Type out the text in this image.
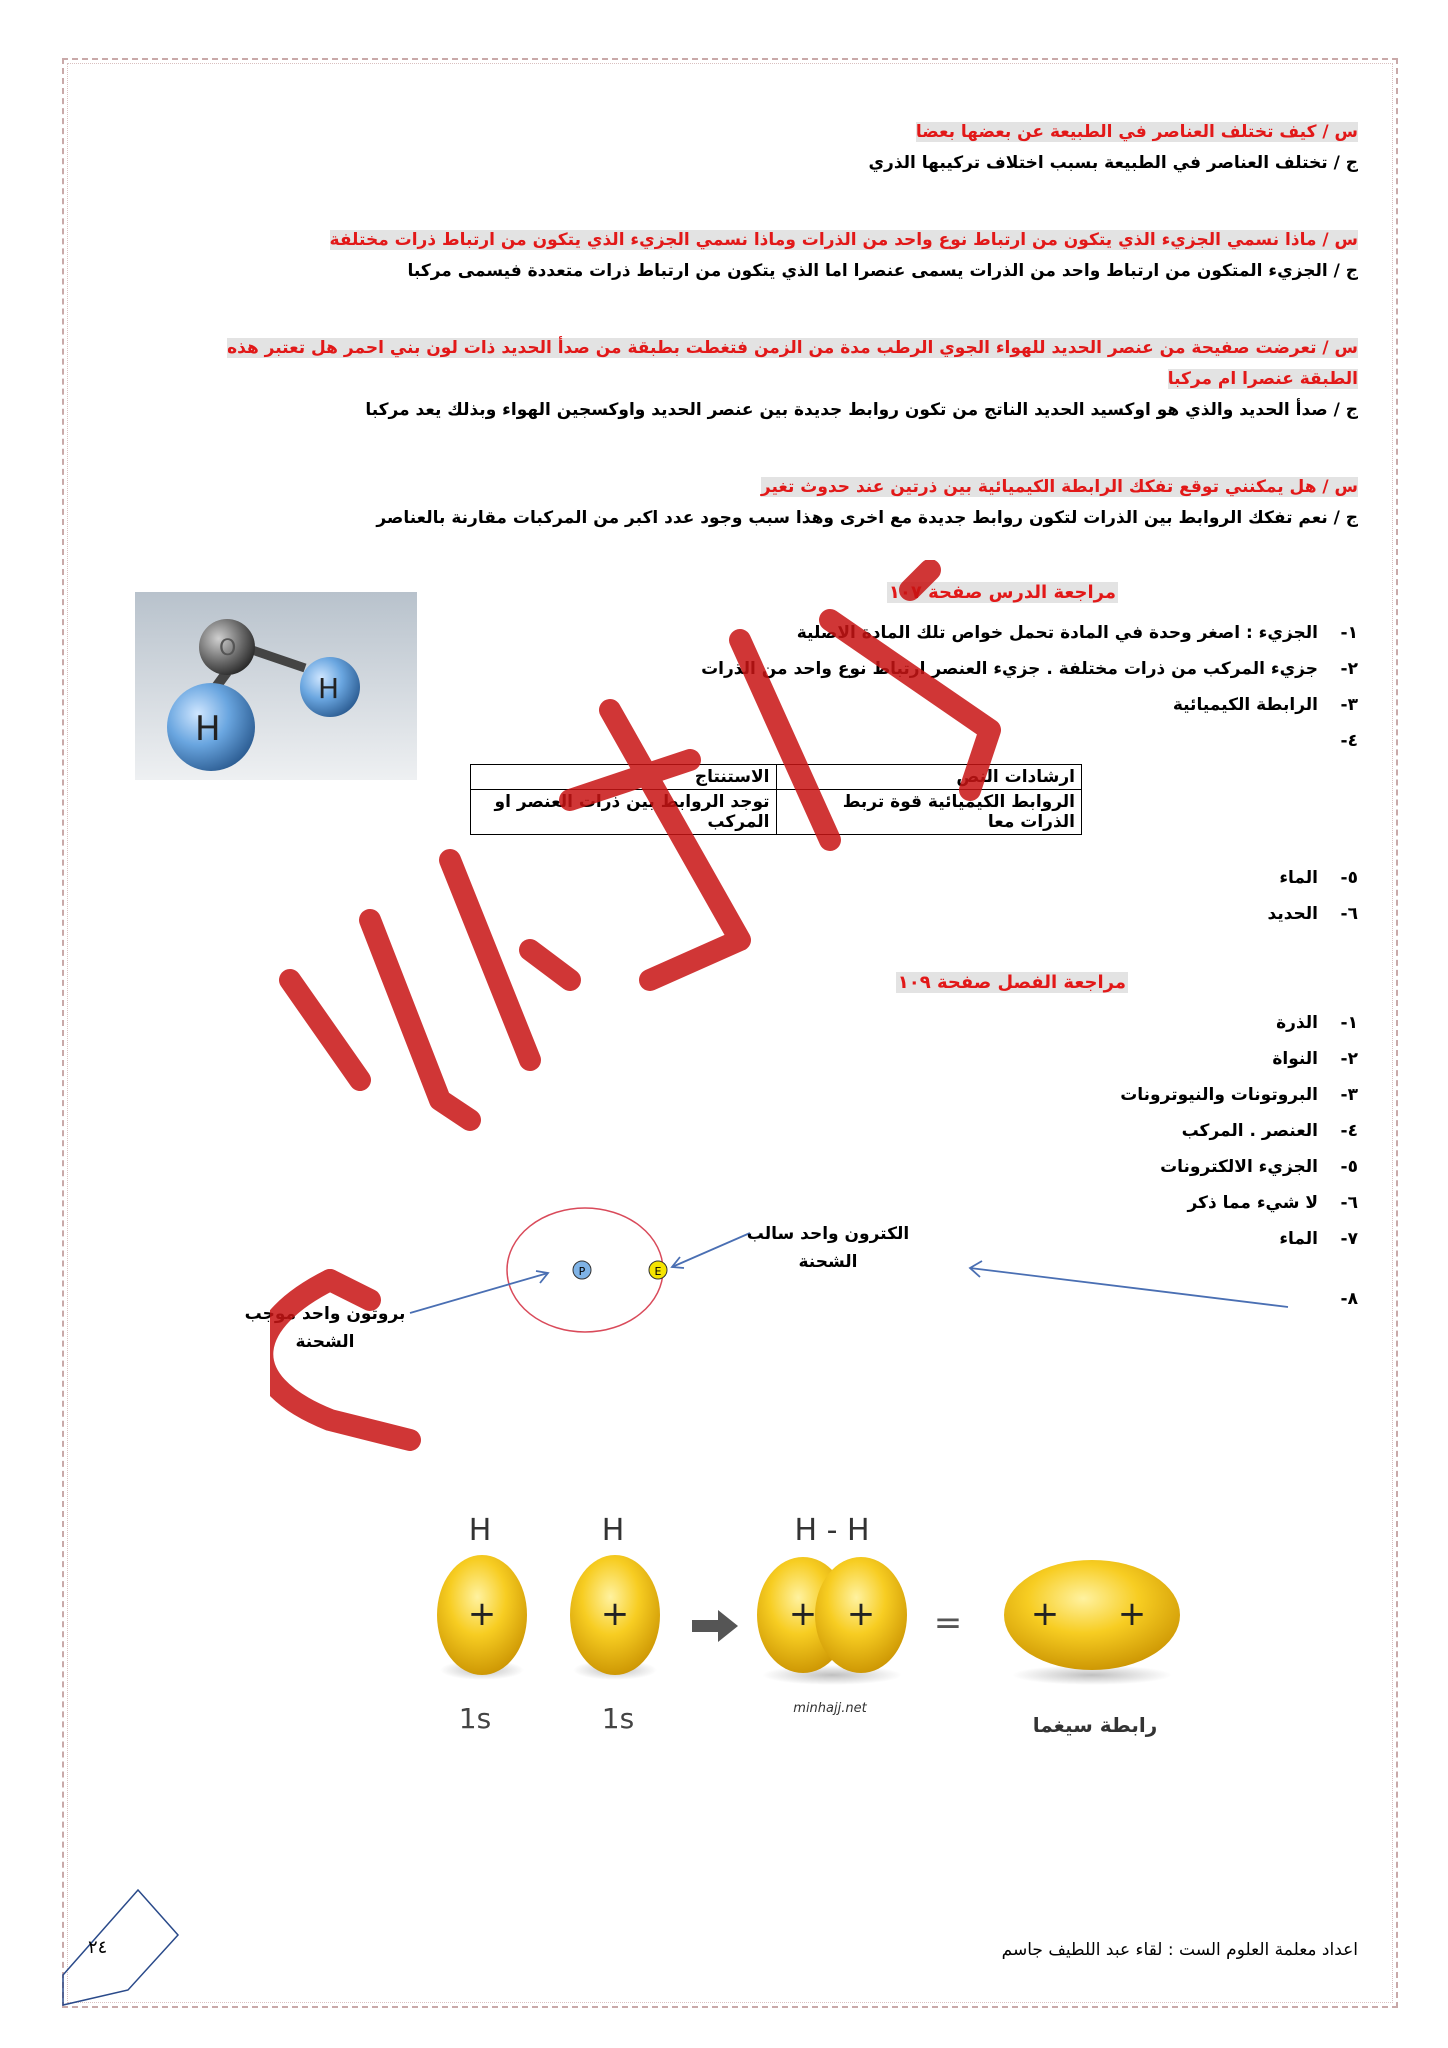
س / كيف تختلف العناصر في الطبيعة عن بعضها بعضا
ج / تختلف العناصر في الطبيعة بسبب اختلاف تركيبها الذري
س / ماذا نسمي الجزيء الذي يتكون من ارتباط نوع واحد من الذرات وماذا نسمي الجزيء الذي يتكون من ارتباط ذرات مختلفة
ج / الجزيء المتكون من ارتباط واحد من الذرات يسمى عنصرا اما الذي يتكون من ارتباط ذرات متعددة فيسمى مركبا
س / تعرضت صفيحة من عنصر الحديد للهواء الجوي الرطب مدة من الزمن فتغطت بطبقة من صدأ الحديد ذات لون بني احمر هل تعتبر هذه الطبقة عنصرا ام مركبا
ج / صدأ الحديد والذي هو اوكسيد الحديد الناتج من تكون روابط جديدة بين عنصر الحديد واوكسجين الهواء وبذلك يعد مركبا
س / هل يمكنني توقع تفكك الرابطة الكيميائية بين ذرتين عند حدوث تغير
ج / نعم تفكك الروابط بين الذرات لتكون روابط جديدة مع اخرى وهذا سبب وجود عدد اكبر من المركبات مقارنة بالعناصر
O
H
H
مراجعة الدرس صفحة ١٠٧
١-الجزيء : اصغر وحدة في المادة تحمل خواص تلك المادة الاصلية
٢-جزيء المركب من ذرات مختلفة . جزيء العنصر ارتباط نوع واحد من الذرات
٣-الرابطة الكيميائية
٤-
ارشادات النص	الاستنتاج
الروابط الكيميائية قوة تربط الذرات معا	توجد الروابط بين ذرات العنصر او المركب
٥-الماء
٦-الحديد
مراجعة الفصل صفحة ١٠٩
١-الذرة
٢-النواة
٣-البروتونات والنيوترونات
٤-العنصر . المركب
٥-الجزيء الالكترونات
٦-لا شيء مما ذكر
٧-الماء
٨-
P	E
الكترون واحد سالب الشحنة
بروتون واحد موجب الشحنة
H	H	H - H
+
1s
+
1s
+ +
minhajj.net
= + +
رابطة سيغما
٢٤	اعداد معلمة العلوم الست : لقاء عبد اللطيف جاسم
